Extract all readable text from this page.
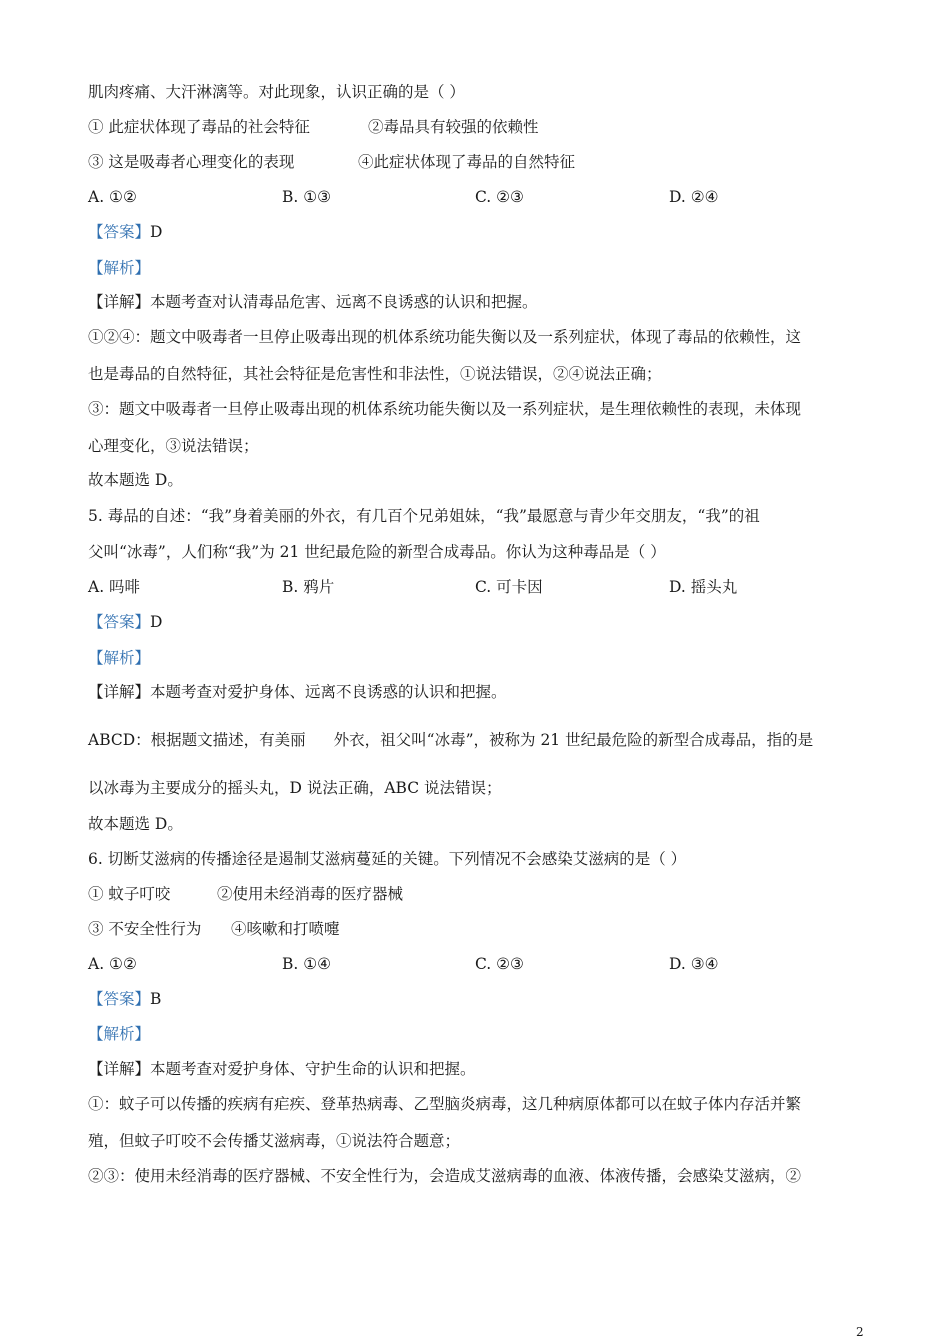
肌肉疼痛、大汗淋漓等。对此现象，认识正确的是（ ）
① 此症状体现了毒品的社会特征	②毒品具有较强的依赖性
③ 这是吸毒者心理变化的表现	④此症状体现了毒品的自然特征
A. ①②	B. ①③	C. ②③	D. ②④
【答案】D
【解析】
【详解】本题考查对认清毒品危害、远离不良诱惑的认识和把握。
①②④：题文中吸毒者一旦停止吸毒出现的机体系统功能失衡以及一系列症状，体现了毒品的依赖性，这
也是毒品的自然特征，其社会特征是危害性和非法性，①说法错误，②④说法正确；
③：题文中吸毒者一旦停止吸毒出现的机体系统功能失衡以及一系列症状，是生理依赖性的表现，未体现
心理变化，③说法错误；
故本题选 D。
5. 毒品的自述：“我”身着美丽的外衣，有几百个兄弟姐妹，“我”最愿意与青少年交朋友，“我”的祖
父叫“冰毒”，人们称“我”为 21 世纪最危险的新型合成毒品。你认为这种毒品是（ ）
A. 吗啡	B. 鸦片	C. 可卡因	D. 摇头丸
【答案】D
【解析】
【详解】本题考查对爱护身体、远离不良诱惑的认识和把握。
ABCD：根据题文描述，有美丽 外衣，祖父叫“冰毒”，被称为 21 世纪最危险的新型合成毒品，指的是
以冰毒为主要成分的摇头丸，D 说法正确，ABC 说法错误；
故本题选 D。
6. 切断艾滋病的传播途径是遏制艾滋病蔓延的关键。下列情况不会感染艾滋病的是（ ）
① 蚊子叮咬	②使用未经消毒的医疗器械
③ 不安全性行为 ④咳嗽和打喷嚏
A. ①②	B. ①④	C. ②③	D. ③④
【答案】B
【解析】
【详解】本题考查对爱护身体、守护生命的认识和把握。
①：蚊子可以传播的疾病有疟疾、登革热病毒、乙型脑炎病毒，这几种病原体都可以在蚊子体内存活并繁
殖，但蚊子叮咬不会传播艾滋病毒，①说法符合题意；
②③：使用未经消毒的医疗器械、不安全性行为，会造成艾滋病毒的血液、体液传播，会感染艾滋病，②
2
